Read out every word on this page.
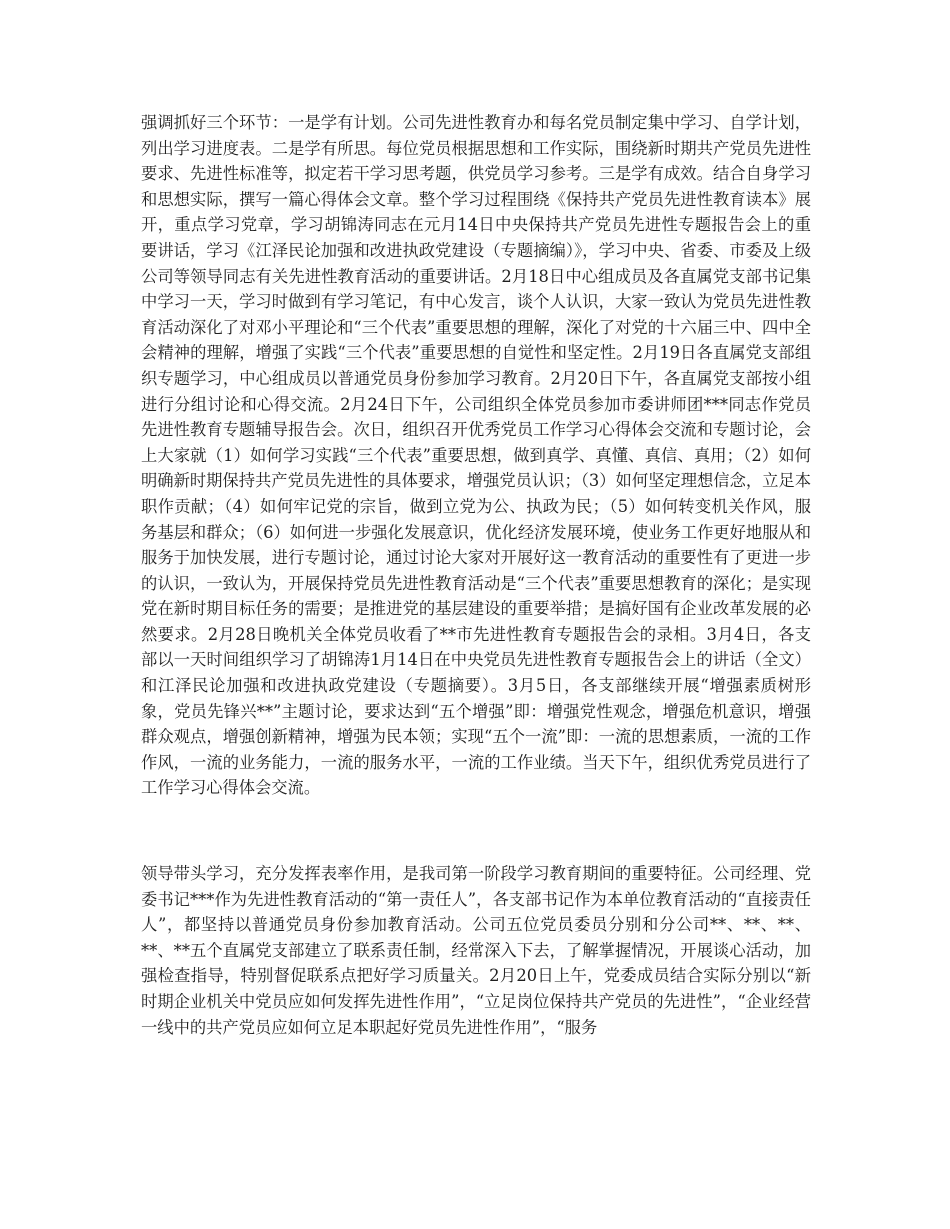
强调抓好三个环节：一是学有计划。公司先进性教育办和每名党员制定集中学习、自学计划，列出学习进度表。二是学有所思。每位党员根据思想和工作实际，围绕新时期共产党员先进性要求、先进性标准等，拟定若干学习思考题，供党员学习参考。三是学有成效。结合自身学习和思想实际，撰写一篇心得体会文章。整个学习过程围绕《保持共产党员先进性教育读本》展开，重点学习党章，学习胡锦涛同志在元月14日中央保持共产党员先进性专题报告会上的重要讲话，学习《江泽民论加强和改进执政党建设（专题摘编）》，学习中央、省委、市委及上级公司等领导同志有关先进性教育活动的重要讲话。2月18日中心组成员及各直属党支部书记集中学习一天，学习时做到有学习笔记，有中心发言，谈个人认识，大家一致认为党员先进性教育活动深化了对邓小平理论和“三个代表”重要思想的理解，深化了对党的十六届三中、四中全会精神的理解，增强了实践“三个代表”重要思想的自觉性和坚定性。2月19日各直属党支部组织专题学习，中心组成员以普通党员身份参加学习教育。2月20日下午，各直属党支部按小组进行分组讨论和心得交流。2月24日下午，公司组织全体党员参加市委讲师团***同志作党员先进性教育专题辅导报告会。次日，组织召开优秀党员工作学习心得体会交流和专题讨论，会上大家就（1）如何学习实践“三个代表”重要思想，做到真学、真懂、真信、真用；（2）如何明确新时期保持共产党员先进性的具体要求，增强党员认识；（3）如何坚定理想信念，立足本职作贡献；（4）如何牢记党的宗旨，做到立党为公、执政为民；（5）如何转变机关作风，服务基层和群众；（6）如何进一步强化发展意识，优化经济发展环境，使业务工作更好地服从和服务于加快发展，进行专题讨论，通过讨论大家对开展好这一教育活动的重要性有了更进一步的认识，一致认为，开展保持党员先进性教育活动是“三个代表”重要思想教育的深化；是实现党在新时期目标任务的需要；是推进党的基层建设的重要举措；是搞好国有企业改革发展的必然要求。2月28日晚机关全体党员收看了**市先进性教育专题报告会的录相。3月4日，各支部以一天时间组织学习了胡锦涛1月14日在中央党员先进性教育专题报告会上的讲话（全文）和江泽民论加强和改进执政党建设（专题摘要）。3月5日，各支部继续开展“增强素质树形象，党员先锋兴**”主题讨论，要求达到“五个增强”即：增强党性观念，增强危机意识，增强群众观点，增强创新精神，增强为民本领；实现“五个一流”即：一流的思想素质，一流的工作作风，一流的业务能力，一流的服务水平，一流的工作业绩。当天下午，组织优秀党员进行了工作学习心得体会交流。

领导带头学习，充分发挥表率作用，是我司第一阶段学习教育期间的重要特征。公司经理、党委书记***作为先进性教育活动的“第一责任人”，各支部书记作为本单位教育活动的“直接责任人”，都坚持以普通党员身份参加教育活动。公司五位党员委员分别和分公司**、**、**、**、**五个直属党支部建立了联系责任制，经常深入下去，了解掌握情况，开展谈心活动，加强检查指导，特别督促联系点把好学习质量关。2月20日上午，党委成员结合实际分别以“新时期企业机关中党员应如何发挥先进性作用”，“立足岗位保持共产党员的先进性”，“企业经营一线中的共产党员应如何立足本职起好党员先进性作用”，“服务
